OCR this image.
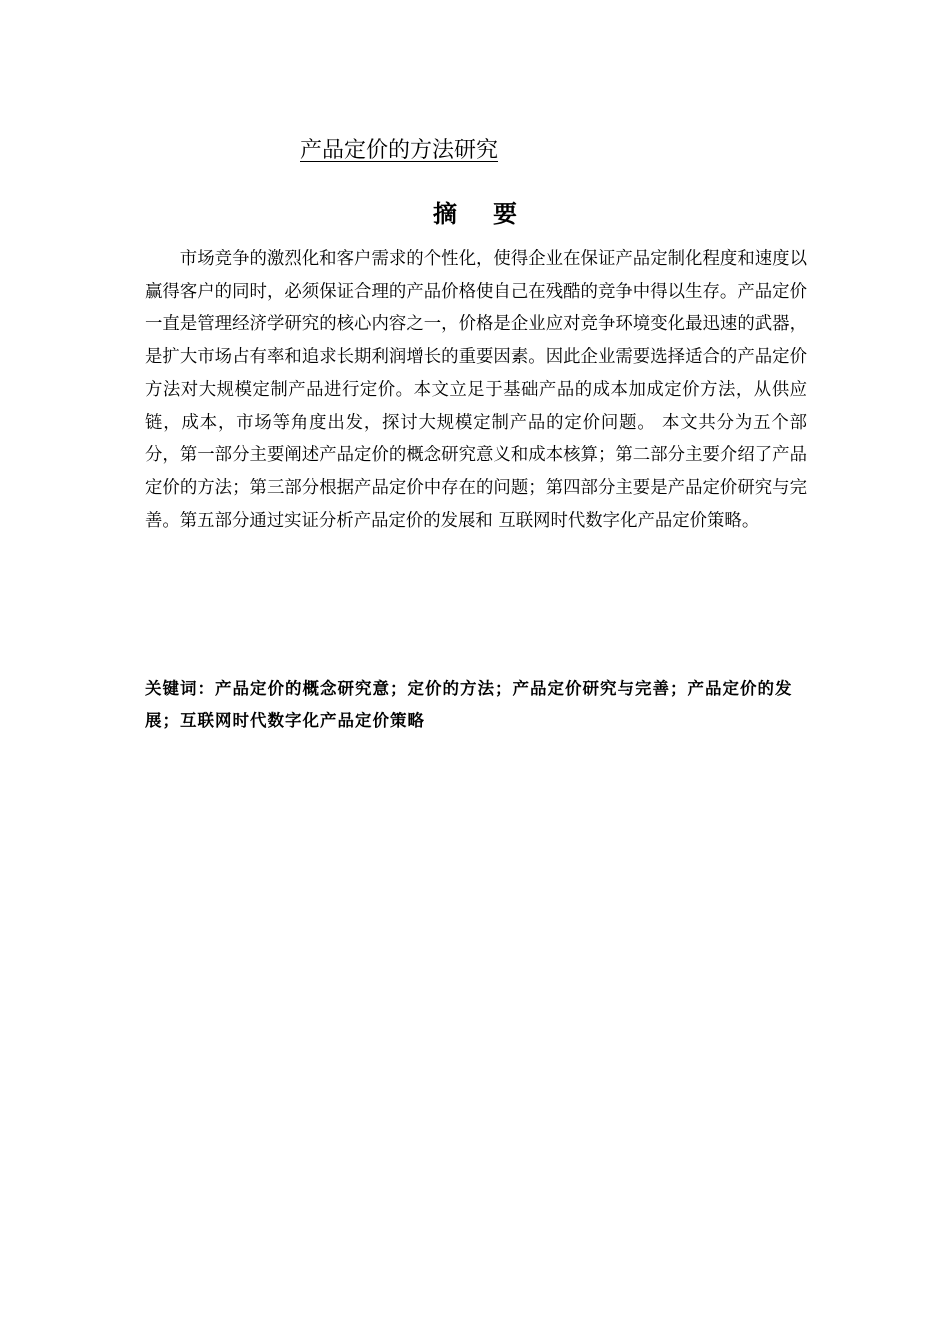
产品定价的方法研究
摘要

市场竞争的激烈化和客户需求的个性化，使得企业在保证产品定制化程度和速度以赢得客户的同时，必须保证合理的产品价格使自己在残酷的竞争中得以生存。产品定价一直是管理经济学研究的核心内容之一，价格是企业应对竞争环境变化最迅速的武器，是扩大市场占有率和追求长期利润增长的重要因素。因此企业需要选择适合的产品定价方法对大规模定制产品进行定价。本文立足于基础产品的成本加成定价方法，从供应链，成本，市场等角度出发，探讨大规模定制产品的定价问题。 本文共分为五个部分，第一部分主要阐述产品定价的概念研究意义和成本核算；第二部分主要介绍了产品定价的方法；第三部分根据产品定价中存在的问题；第四部分主要是产品定价研究与完善。第五部分通过实证分析产品定价的发展和 互联网时代数字化产品定价策略。

关键词：产品定价的概念研究意；定价的方法；产品定价研究与完善；产品定价的发展；互联网时代数字化产品定价策略
